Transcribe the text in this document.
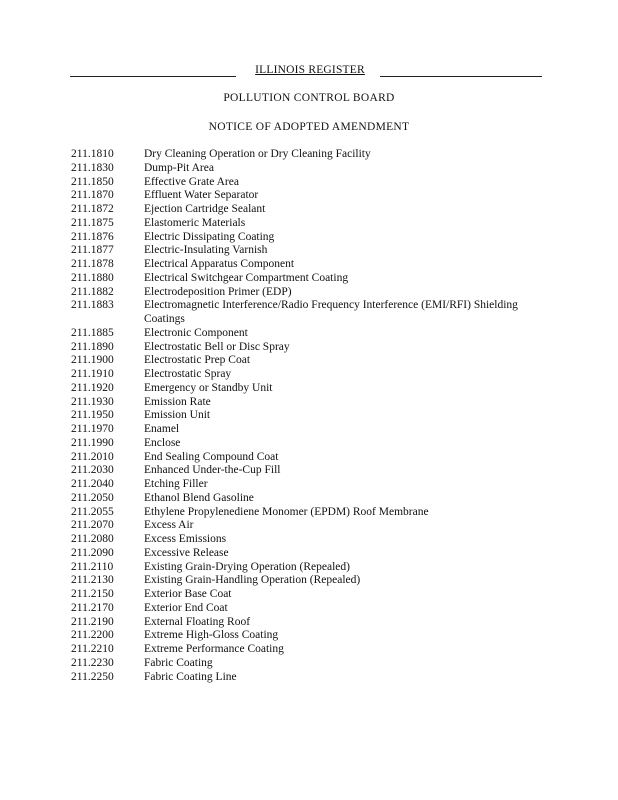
ILLINOIS REGISTER
POLLUTION CONTROL BOARD
NOTICE OF ADOPTED AMENDMENT
211.1810	Dry Cleaning Operation or Dry Cleaning Facility
211.1830	Dump-Pit Area
211.1850	Effective Grate Area
211.1870	Effluent Water Separator
211.1872	Ejection Cartridge Sealant
211.1875	Elastomeric Materials
211.1876	Electric Dissipating Coating
211.1877	Electric-Insulating Varnish
211.1878	Electrical Apparatus Component
211.1880	Electrical Switchgear Compartment Coating
211.1882	Electrodeposition Primer (EDP)
211.1883	Electromagnetic Interference/Radio Frequency Interference (EMI/RFI) Shielding
Coatings
211.1885	Electronic Component
211.1890	Electrostatic Bell or Disc Spray
211.1900	Electrostatic Prep Coat
211.1910	Electrostatic Spray
211.1920	Emergency or Standby Unit
211.1930	Emission Rate
211.1950	Emission Unit
211.1970	Enamel
211.1990	Enclose
211.2010	End Sealing Compound Coat
211.2030	Enhanced Under-the-Cup Fill
211.2040	Etching Filler
211.2050	Ethanol Blend Gasoline
211.2055	Ethylene Propylenediene Monomer (EPDM) Roof Membrane
211.2070	Excess Air
211.2080	Excess Emissions
211.2090	Excessive Release
211.2110	Existing Grain-Drying Operation (Repealed)
211.2130	Existing Grain-Handling Operation (Repealed)
211.2150	Exterior Base Coat
211.2170	Exterior End Coat
211.2190	External Floating Roof
211.2200	Extreme High-Gloss Coating
211.2210	Extreme Performance Coating
211.2230	Fabric Coating
211.2250	Fabric Coating Line
